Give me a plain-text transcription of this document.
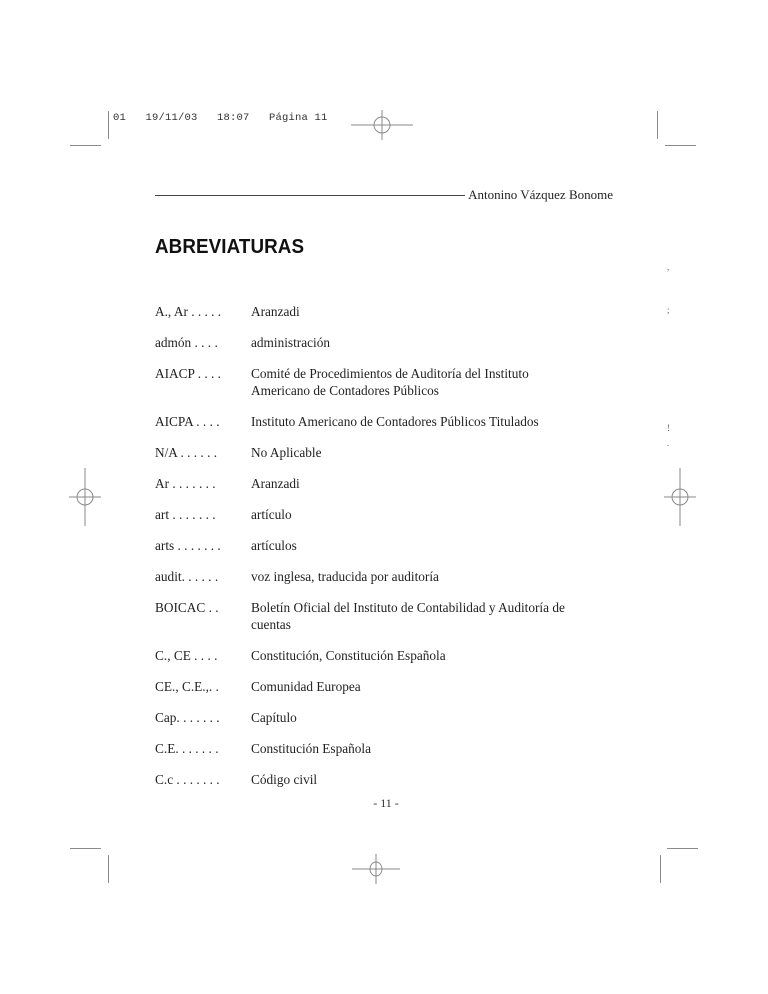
01   19/11/03   18:07   Página 11
Antonino Vázquez Bonome
ABREVIATURAS
,
;
!
.
A., Ar . . . . .	Aranzadi
admón . . . .	administración
AIACP . . . .	Comité de Procedimientos de Auditoría del Instituto Americano de Contadores Públicos
AICPA . . . .	Instituto Americano de Contadores Públicos Titulados
N/A . . . . . .	No Aplicable
Ar . . . . . . .	Aranzadi
art . . . . . . .	artículo
arts . . . . . . .	artículos
audit. . . . . .	voz inglesa, traducida por auditoría
BOICAC . .	Boletín Oficial del Instituto de Contabilidad y Auditoría de cuentas
C., CE . . . .	Constitución, Constitución Española
CE., C.E.,. .	Comunidad Europea
Cap. . . . . . .	Capítulo
C.E. . . . . . .	Constitución Española
C.c . . . . . . .	Código civil
- 11 -
